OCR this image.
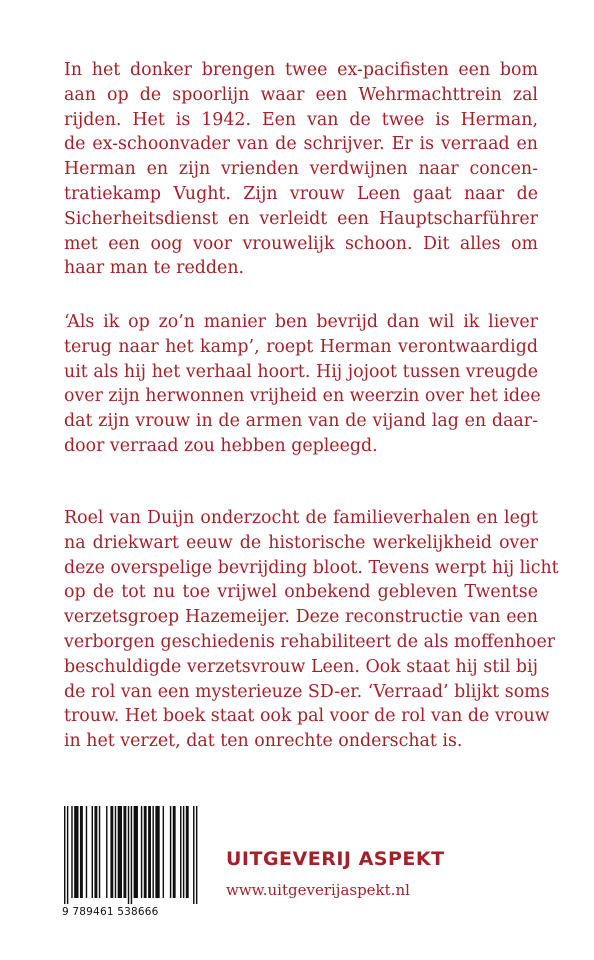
In het donker brengen twee ex-pacifisten een bom
aan op de spoorlijn waar een Wehrmachttrein zal
rijden. Het is 1942. Een van de twee is Herman,
de ex-schoonvader van de schrijver. Er is verraad en
Herman en zijn vrienden verdwijnen naar concen-
tratiekamp Vught. Zijn vrouw Leen gaat naar de
Sicherheitsdienst en verleidt een Hauptscharführer
met een oog voor vrouwelijk schoon. Dit alles om
haar man te redden.
‘Als ik op zo’n manier ben bevrijd dan wil ik liever
terug naar het kamp’, roept Herman verontwaardigd
uit als hij het verhaal hoort. Hij jojoot tussen vreugde
over zijn herwonnen vrijheid en weerzin over het idee
dat zijn vrouw in de armen van de vijand lag en daar-
door verraad zou hebben gepleegd.
Roel van Duijn onderzocht de familieverhalen en legt
na driekwart eeuw de historische werkelijkheid over
deze overspelige bevrijding bloot. Tevens werpt hij licht
op de tot nu toe vrijwel onbekend gebleven Twentse
verzetsgroep Hazemeijer. Deze reconstructie van een
verborgen geschiedenis rehabiliteert de als moffenhoer
beschuldigde verzetsvrouw Leen. Ook staat hij stil bij
de rol van een mysterieuze SD-er. ‘Verraad’ blijkt soms
trouw. Het boek staat ook pal voor de rol van de vrouw
in het verzet, dat ten onrechte onderschat is.
9 789461 538666
UITGEVERIJ ASPEKT
www.uitgeverijaspekt.nl
